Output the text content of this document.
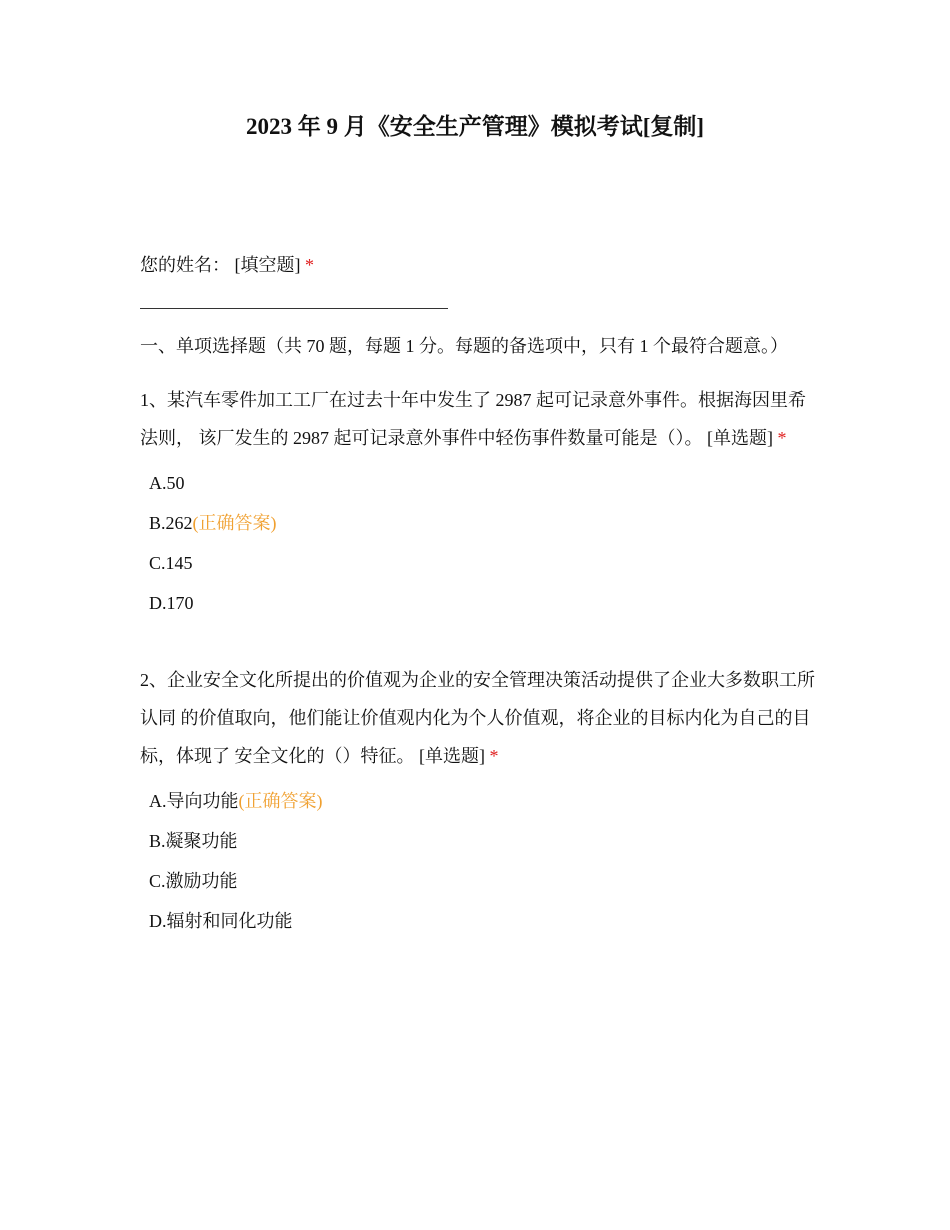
2023 年 9 月《安全生产管理》模拟考试[复制]
您的姓名： [填空题] *
一、单项选择题（共 70 题，每题 1 分。每题的备选项中，只有 1 个最符合题意。）
1、某汽车零件加工工厂在过去十年中发生了 2987 起可记录意外事件。根据海因里希法则， 该厂发生的 2987 起可记录意外事件中轻伤事件数量可能是（）。 [单选题] *
A.50
B.262(正确答案)
C.145
D.170
2、企业安全文化所提出的价值观为企业的安全管理决策活动提供了企业大多数职工所认同 的价值取向，他们能让价值观内化为个人价值观，将企业的目标内化为自己的目标，体现了 安全文化的（）特征。 [单选题] *
A.导向功能(正确答案)
B.凝聚功能
C.激励功能
D.辐射和同化功能
